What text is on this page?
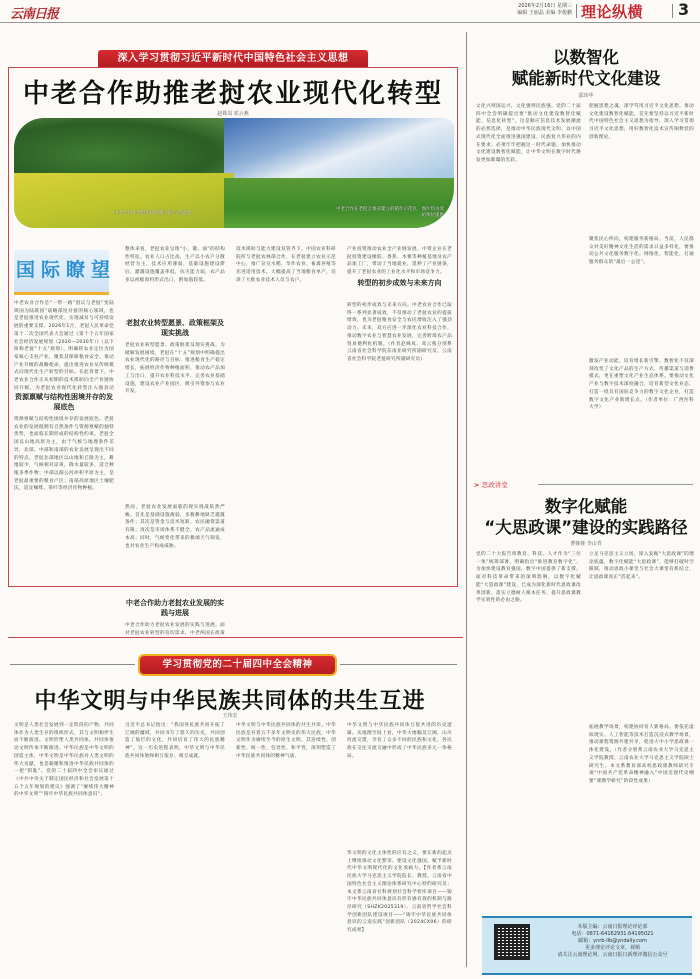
云南日报
2026年2月16日 星期三
编辑 王丽晶 美编 李俊鹏 理论纵横 3
深入学习贯彻习近平新时代中国特色社会主义思想
中老合作助推老挝农业现代化转型
赵姝岚 邓云燕
中老合作在老挝南塔省建立的示范基地
中老合作在老挝万象省建立的稻作示范区，图片均为受访单位提供
国际瞭望
中老农业合作是“一带一路”倡议与老挝“变陆锁国为陆联国”战略深度对接的核心领域，也是老挝推进农业现代化、实现减贫与可持续发展的重要支撑。2026年1月，老挝人民革命党第十二次全国代表大会通过《第十个五年国家社会经济发展规划（2026—2030年）》（以下简称老挝“十五”规划），明确将农业定位为国家核心支柱产业，聚焦其保障粮食安全、推动产业升级的战略使命，提出推进农业从传统模式向现代化生产转型的目标。在此背景下，中老农业合作正从初期的技术援助向全产业链协同升级，为老挝农业现代化转型注入强劲动
资源禀赋与结构性困境并存的发展底色
资源禀赋与结构性困境并存的发展底色。老挝农业的发展既拥有自然条件与资源禀赋的独特优势，也面临长期形成的结构性约束。老挝全国以山地高原为主，由于气候与地理条件差异，北部、中部和南部的农业发展呈现出不同的特点。老挝北部地区以山地和丘陵为主，耕地较少，气候相对凉爽，降水量较多，适合种植多季作物；中部以湄公河冲积平原为主，是老挝最重要的粮食产区；南部高原地区土壤肥沃，适宜咖啡、茶叶等经济作物种植。
整体来看，老挝农业呈现“小、散、弱”的结构性特征。农业人口占比高，生产以小农户分散经营为主，技术应用薄弱，基础设施建设滞后，灌溉设施覆盖率低，抗灾能力弱，农产品多以初级原料形式出口，附加值较低。
老挝农业转型愿景、政策框架及现实挑战
老挝农业转型愿景、政策框架及现实挑战。为破解发展困境，老挝在“十五”规划中明确提出农业现代化的路径与目标：推进粮食生产稳定增长，拓展经济作物种植面积，推动农产品加工与出口，提升农业科技水平，完善农业基础设施，建设农业产业园区，吸引外资参与农业开发。
然而，老挝农业发展面临的现实挑战依然严峻。首先是基础设施薄弱，多数耕地缺乏灌溉条件；其次是资金与技术短缺，农民融资渠道有限；再次是市场体系不健全，农产品流通成本高；同时，气候变化带来的极端天气频发，也对农业生产构成威胁。
中老合作助力老挝农业发展的实践与进展
中老合作助力老挝农业发展的实践与进展。面对老挝农业转型的迫切需求，中老两国在政策
技术援助与能力建设双管齐下。中国农业科研院所与老挝农林部合作，在老挝建立农业示范中心，推广杂交水稻、旱作农业、畜禽养殖等先进适用技术，大幅提高了当地粮食单产，培训了大批农业技术人员与农户。
产业投资推动农业全产业链发展。中资企业在老挝投资建设橡胶、香蕉、木薯等种植基地及农产品加工厂，带动了当地就业，延伸了产业链条，提升了老挝农业的工业化水平和市场竞争力。
转型的初步成效与未来方向
转型的初步成效与未来方向。中老农业合作已取得一系列显著成效，不仅推动了老挝农业的提质增效，也为老挝粮食安全与农民增收注入了强劲动力。未来，双方应进一步深化农业科技合作，推动数字农业与智慧农业发展，完善跨境农产品贸易便利化机制。（作者赵姝岚、邓云燕分别系云南省社会科学院东南亚研究所副研究员、云南省社会科学院老挝研究所副研究员）
以数智化
赋能新时代文化建设
邵玮华
文化兴则国运兴，文化强则民族强。党的二十届四中全会明确提出要“推动文化建设数智化赋能、信息化转型”，这是顺应信息技术发展潮流的必然选择，是推动中华民族现代文明、以中国式现代化全面推进强国建设、民族复兴伟业的内在要求。必须牢牢把握这一时代命题，加快推动文化建设数智化赋能，让中华文明在数字时代焕发更加璀璨的光彩。
把握思想之魂，深学笃用习近平文化思想。推动文化建设数智化赋能，首先要坚持以习近平新时代中国特色社会主义思想为指导，深入学习贯彻习近平文化思想，用好数智化技术宣传阐释党的创新理论。
聚焦民心所向，构建服务新格局。当前，人民群众对美好精神文化生活的需求日益多样化，要推动公共文化服务数字化、网络化、智能化，打通服务群众的“最后一公里”。
激发产业动能，培育增长新引擎。数智化不仅深刻改变了文化产品的生产方式、传播渠道与消费模式，更在重塑文化产业生态体系。要推动文化产业与数字技术深度融合，培育新型文化业态，打造一批具有国际竞争力的数字文化企业，打造数字文化产业新增长点。（作者单位：广西医科大学）
> 思政讲堂
数字化赋能
“大思政课”建设的实践路径
曹娅娅 李山青
党的二十大报告将教育、科技、人才作为“三位一体”统筹部署，明确指出“推进教育数字化”。为加快建设教育强国，数字中国提供了新支撑。面对科技革命带来的深刻影响，以数字化赋能“大思政课”建设，已成为深化新时代思政课改革创新、落实立德树人根本任务、提升思政课教学实效性的必由之路。
立足马克思主义立场，深入发掘“大思政课”的理论底蕴。数字化赋能“大思政课”，能够打破时空限制，推动思政小课堂与社会大课堂有机结合，让思政课真正“活起来”。
拓展教学场景，构建协同育人新格局。要依托虚拟现实、人工智能等技术打造沉浸式教学场景，推动课程资源共建共享，促进大中小学思政课一体化建设。（作者分别系云南农业大学马克思主义学院教授、云南农业大学马克思主义学院硕士研究生。本文系教育部高校思政课教师研究专项“中国共产党革命精神融入”中国近现代史纲要”课教学研究”阶段性成果）
本版主编：云南日报理论评论部
电话：0871-64162931.64195021
邮箱：ynrb-llb@yndaily.com
更多理论评论文章，视频
请关注云南理论网、云南日报日新理评微信公众号
学习贯彻党的二十届四中全会精神
中华文明与中华民族共同体的共生互进
王伟宏
文明是人类社会发展到一定阶段的产物，共同体作为人类生存的组织形式，其与文明相伴生而不断演进。文明形塑人类共同体，共同体推动文明传承不断演进。中华民族是中华文明的创造主体，中华文明是中华民族对人类文明的伟大贡献，也是凝聚和推进中华民族共同体的一把“钥匙”。党的二十届四中全会审议通过《中共中央关于制定国民经济和社会发展第十五个五年规划的建议》强调了“赓续伟大精神的中华文明”“铸牢中华民族共同体意识”。
习近平总书记指出：“我国各民族共同开拓了辽阔的疆域，共同书写了悠久的历史，共同创造了灿烂的文化，共同培育了伟大的民族精神”。这一历史进程表明，中华文明与中华民族共同体始终相互依存、相互成就。
中华文明与中华民族共同体的共生共荣。中华民族是有着五千多年文明史的伟大民族，中华文明作为赓续至今的原生文明，其连续性、创新性、统一性、包容性、和平性，深刻塑造了中华民族共同体的精神气质。
中华文明与中华民族共同体互促共进的历史逻辑。从地理空间上看，中华大地幅员辽阔，山川河流交错，孕育了众多不同的民族和文化，各民族在交往交流交融中形成了中华民族多元一体格局。
华文明的文化主体性的应有之义，要在新的起点上继续推动文化繁荣、建设文化强国，赋予新时代中华文明现代化的文化承载力。【作者系云南民族大学马克思主义学院院长、教授，云南省中国特色社会主义理论体系研究中心特约研究员；本文系云南省社科规划社会科学智库项目——铸牢中华民族共同体意识有形有感有效的机制与路径研究（SHZK2025319）、云南省哲学社会科学创新团队建设项目——“铸牢中华民族共同体意识的云南实践”创新团队（2024CX06）的研究成果】
